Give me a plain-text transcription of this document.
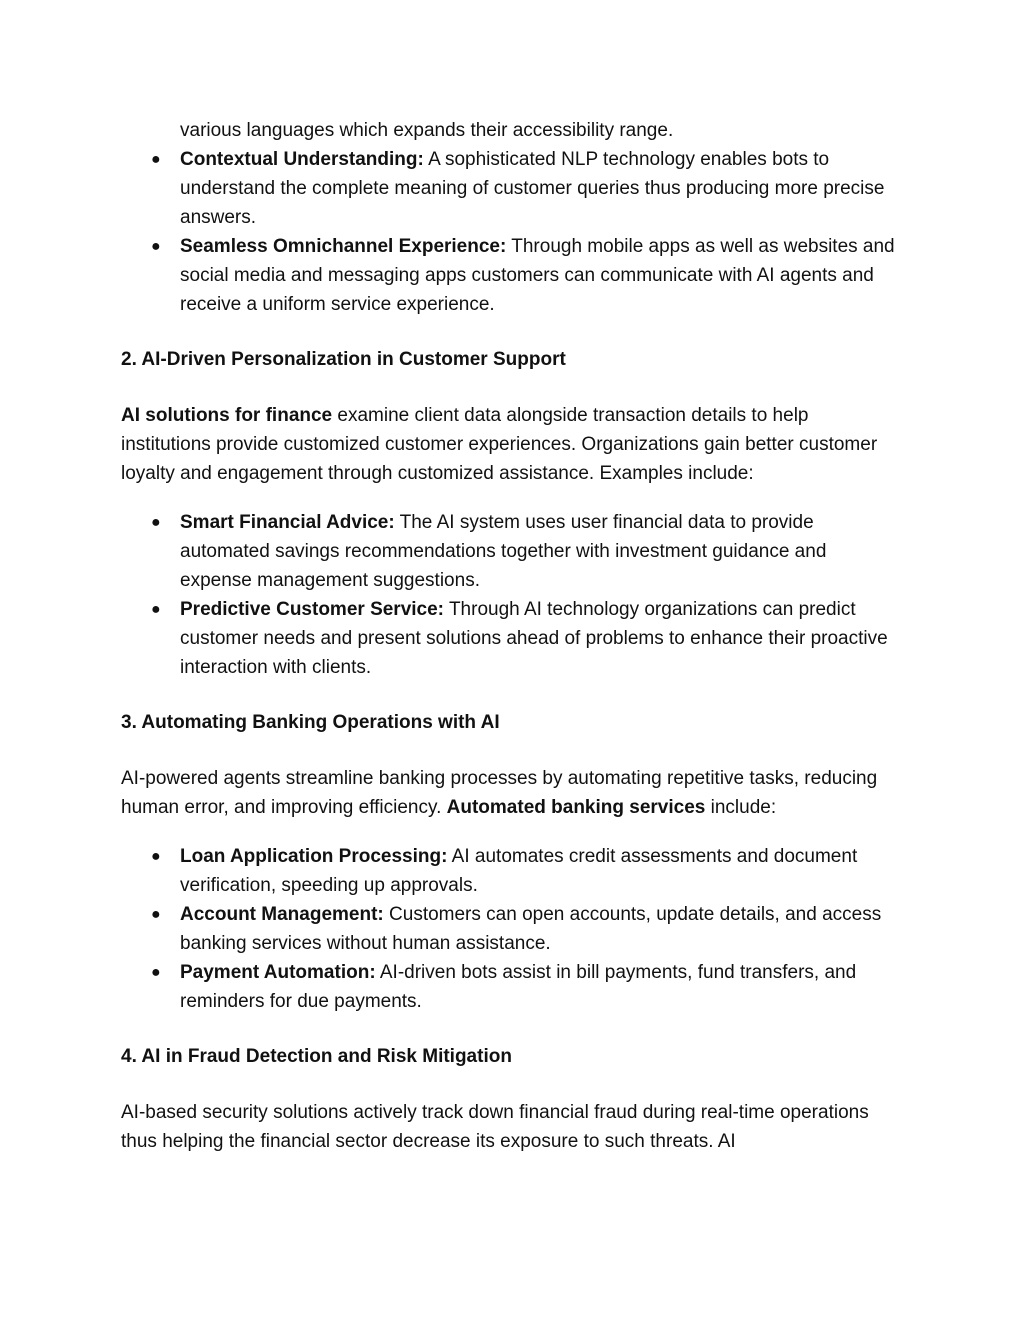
various languages which expands their accessibility range.
● Contextual Understanding: A sophisticated NLP technology enables bots to understand the complete meaning of customer queries thus producing more precise answers.
● Seamless Omnichannel Experience: Through mobile apps as well as websites and social media and messaging apps customers can communicate with AI agents and receive a uniform service experience.

2. AI-Driven Personalization in Customer Support

AI solutions for finance examine client data alongside transaction details to help institutions provide customized customer experiences. Organizations gain better customer loyalty and engagement through customized assistance. Examples include:

● Smart Financial Advice: The AI system uses user financial data to provide automated savings recommendations together with investment guidance and expense management suggestions.
● Predictive Customer Service: Through AI technology organizations can predict customer needs and present solutions ahead of problems to enhance their proactive interaction with clients.

3. Automating Banking Operations with AI

AI-powered agents streamline banking processes by automating repetitive tasks, reducing human error, and improving efficiency. Automated banking services include:

● Loan Application Processing: AI automates credit assessments and document verification, speeding up approvals.
● Account Management: Customers can open accounts, update details, and access banking services without human assistance.
● Payment Automation: AI-driven bots assist in bill payments, fund transfers, and reminders for due payments.

4. AI in Fraud Detection and Risk Mitigation

AI-based security solutions actively track down financial fraud during real-time operations thus helping the financial sector decrease its exposure to such threats. AI
